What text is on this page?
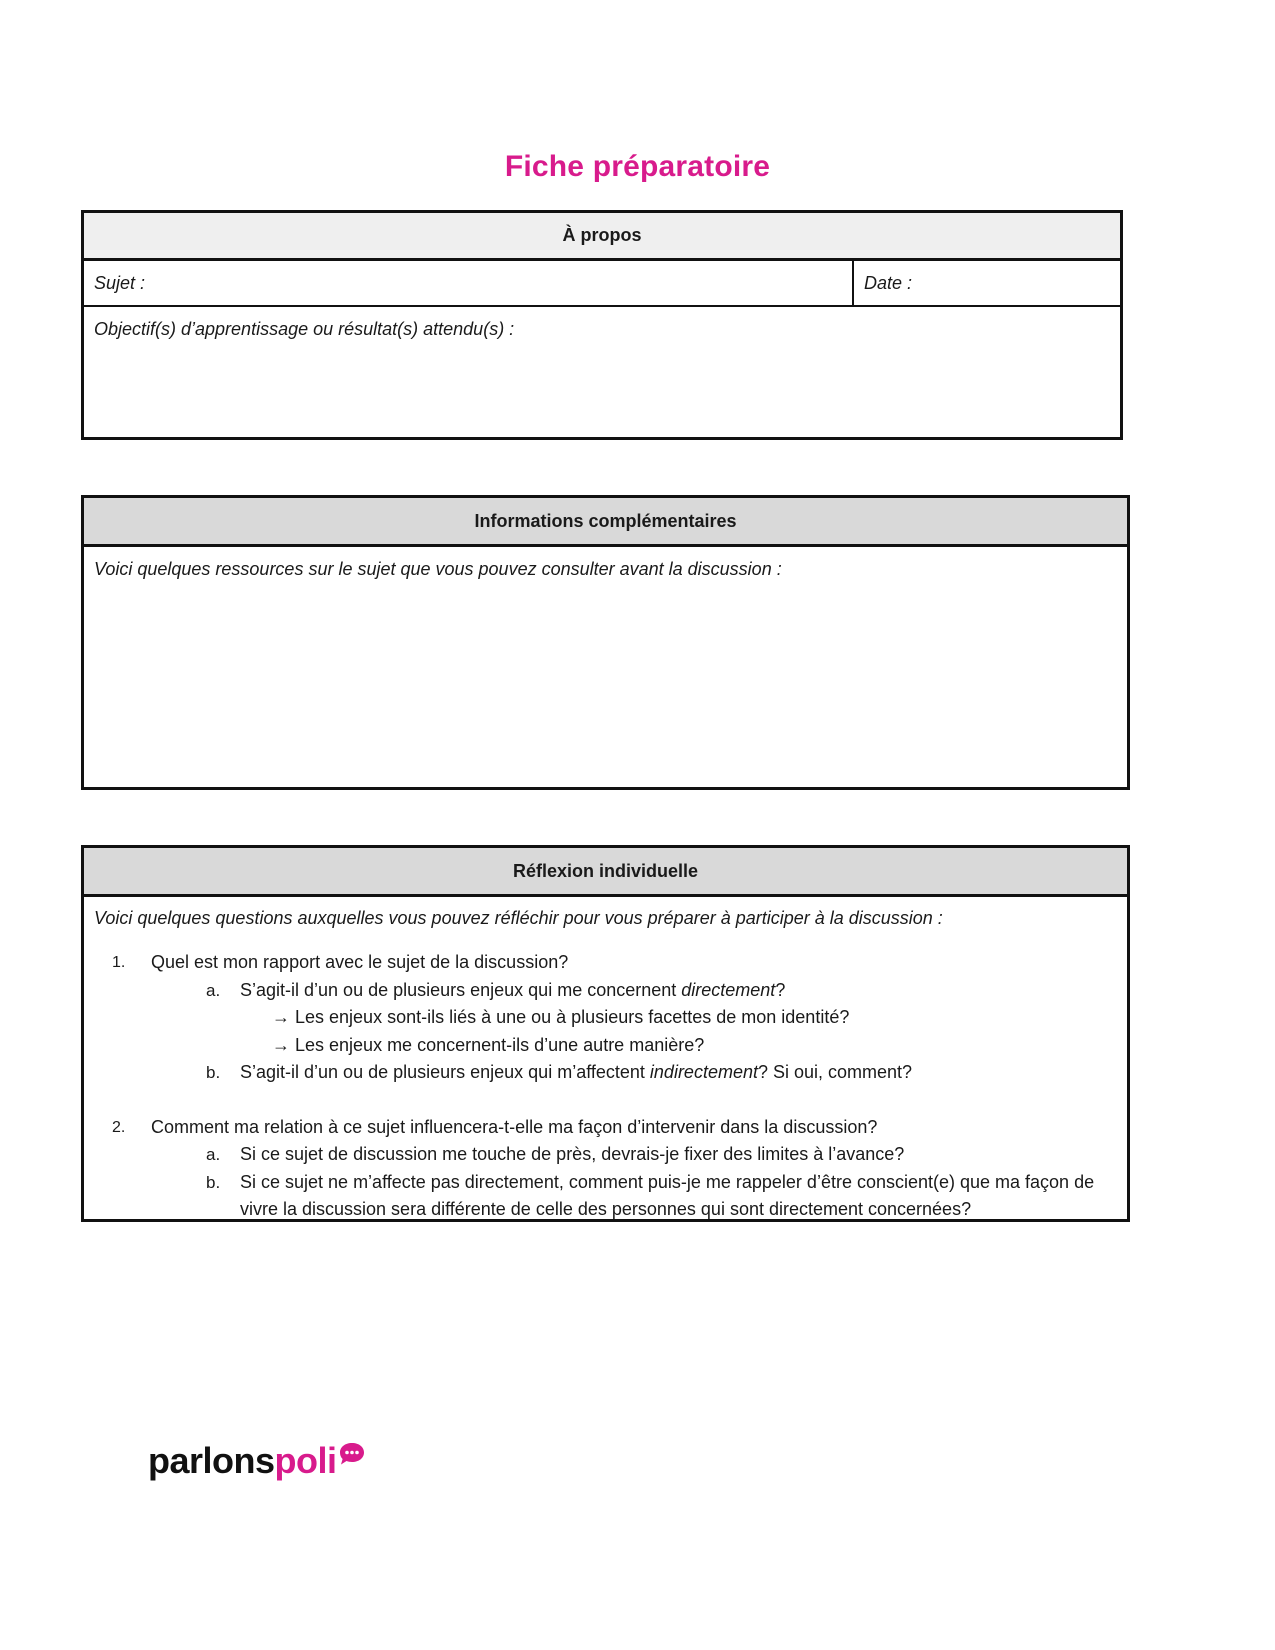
Fiche préparatoire
À propos
Sujet :	Date :
Objectif(s) d’apprentissage ou résultat(s) attendu(s) :
Informations complémentaires
Voici quelques ressources sur le sujet que vous pouvez consulter avant la discussion :
Réflexion individuelle
Voici quelques questions auxquelles vous pouvez réfléchir pour vous préparer à participer à la discussion :
1. Quel est mon rapport avec le sujet de la discussion?
a. S’agit-il d’un ou de plusieurs enjeux qui me concernent directement?
→ Les enjeux sont-ils liés à une ou à plusieurs facettes de mon identité?
→ Les enjeux me concernent-ils d’une autre manière?
b. S’agit-il d’un ou de plusieurs enjeux qui m’affectent indirectement? Si oui, comment?
2. Comment ma relation à ce sujet influencera-t-elle ma façon d’intervenir dans la discussion?
a. Si ce sujet de discussion me touche de près, devrais-je fixer des limites à l’avance?
b. Si ce sujet ne m’affecte pas directement, comment puis-je me rappeler d’être conscient(e) que ma façon de vivre la discussion sera différente de celle des personnes qui sont directement concernées?
parlons poli
